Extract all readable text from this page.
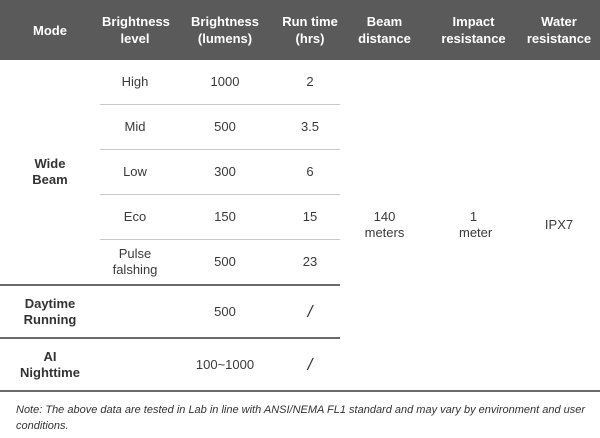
Mode	Brightness level	Brightness (lumens)	Run time (hrs)	Beam distance	Impact resistance	Water resistance
Wide Beam	High	1000	2	140 meters	1 meter	IPX7
	Mid	500	3.5			
	Low	300	6			
	Eco	150	15			
	Pulse falshing	500	23			
Daytime Running		500	/			
AI Nighttime		100~1000	/			
Note: The above data are tested in Lab in line with ANSI/NEMA FL1 standard and may vary by environment and user conditions.
